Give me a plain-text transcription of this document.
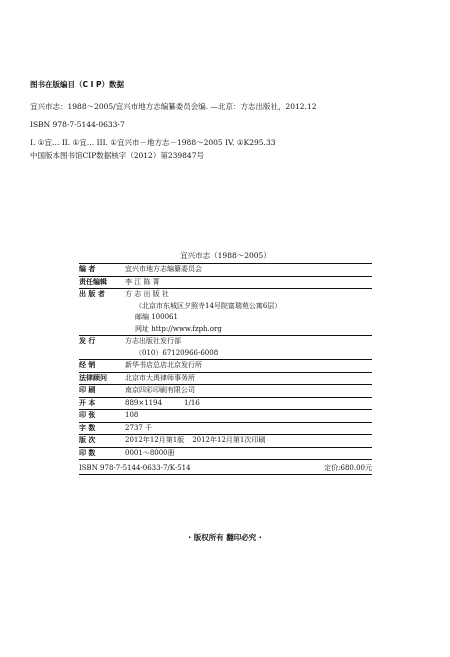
图书在版编目（C I P）数据
宜兴市志：1988～2005/宜兴市地方志编纂委员会编. —北京：方志出版社，2012.12
ISBN 978-7-5144-0633-7
I. ①宜… II. ①宜… III. ①宜兴市－地方志－1988～2005 IV. ①K295.33
中国版本图书馆CIP数据核字（2012）第239847号
宜兴市志（1988～2005）
编 者	宜兴市地方志编纂委员会
责任编辑	李 江 陈 菁
出 版 者	方 志 出 版 社
（北京市东城区夕照寺14号院富瑞苑公寓6层）
邮编 100061
网址 http://www.fzph.org
发 行	方志出版社发行部
（010）67120966-6008
经 销	新华书店总店北京发行所
法律顾问	北京市大禹律师事务所
印 刷	南京四彩印刷有限公司
开 本	889×1194	1/16
印 张	108
字 数	2737 千
版 次	2012年12月第1版 2012年12月第1次印刷
印 数	0001～8000册
ISBN 978-7-5144-0633-7/K·514	定价:680.00元
· 版权所有 翻印必究 ·
